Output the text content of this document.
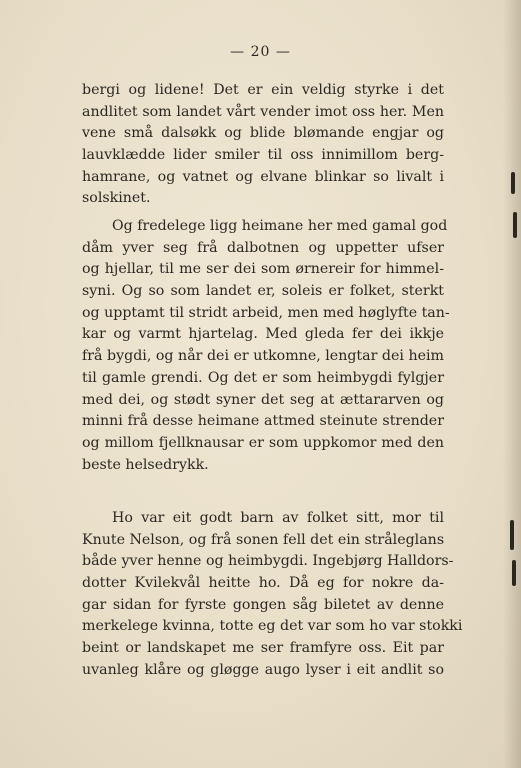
— 20 —
bergi og lidene! Det er ein veldig styrke i det
andlitet som landet vårt vender imot oss her. Men
vene små dalsøkk og blide blømande engjar og
lauvklædde lider smiler til oss innimillom berg-
hamrane, og vatnet og elvane blinkar so livalt i
solskinet.
Og fredelege ligg heimane her med gamal god
dåm yver seg frå dalbotnen og uppetter ufser
og hjellar, til me ser dei som ørnereir for himmel-
syni. Og so som landet er, soleis er folket, sterkt
og upptamt til stridt arbeid, men med høglyfte tan-
kar og varmt hjartelag. Med gleda fer dei ikkje
frå bygdi, og når dei er utkomne, lengtar dei heim
til gamle grendi. Og det er som heimbygdi fylgjer
med dei, og stødt syner det seg at ættararven og
minni frå desse heimane attmed steinute strender
og millom fjellknausar er som uppkomor med den
beste helsedrykk.
Ho var eit godt barn av folket sitt, mor til
Knute Nelson, og frå sonen fell det ein stråleglans
både yver henne og heimbygdi. Ingebjørg Halldors-
dotter Kvilekvål heitte ho. Då eg for nokre da-
gar sidan for fyrste gongen såg biletet av denne
merkelege kvinna, totte eg det var som ho var stokki
beint or landskapet me ser framfyre oss. Eit par
uvanleg klåre og gløgge augo lyser i eit andlit so
